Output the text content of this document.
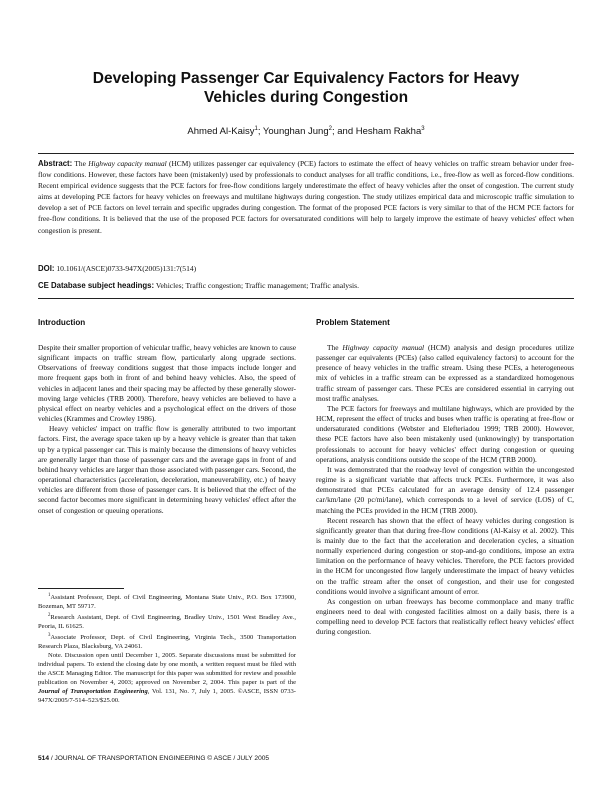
Developing Passenger Car Equivalency Factors for Heavy
Vehicles during Congestion
Ahmed Al-Kaisy$^1$; Younghan Jung$^2$; and Hesham Rakha$^3$
Abstract: The Highway capacity manual (HCM) utilizes passenger car equivalency (PCE) factors to estimate the effect of heavy vehicles on traffic stream behavior under free-flow conditions. However, these factors have been (mistakenly) used by professionals to conduct analyses for all traffic conditions, i.e., free-flow as well as forced-flow conditions. Recent empirical evidence suggests that the PCE factors for free-flow conditions largely underestimate the effect of heavy vehicles after the onset of congestion. The current study aims at developing PCE factors for heavy vehicles on freeways and multilane highways during congestion. The study utilizes empirical data and microscopic traffic simulation to develop a set of PCE factors on level terrain and specific upgrades during congestion. The format of the proposed PCE factors is very similar to that of the HCM PCE factors for free-flow conditions. It is believed that the use of the proposed PCE factors for oversaturated conditions will help to largely improve the estimate of heavy vehicles' effect when congestion is present.
DOI: 10.1061/(ASCE)0733-947X(2005)131:7(514)
CE Database subject headings: Vehicles; Traffic congestion; Traffic management; Traffic analysis.
Introduction

Despite their smaller proportion of vehicular traffic, heavy vehicles are known to cause significant impacts on traffic stream flow, particularly along upgrade sections. Observations of freeway conditions suggest that those impacts include longer and more frequent gaps both in front of and behind heavy vehicles. Also, the speed of vehicles in adjacent lanes and their spacing may be affected by these generally slower-moving large vehicles (TRB 2000). Therefore, heavy vehicles are believed to have a physical effect on nearby vehicles and a psychological effect on the drivers of those vehicles (Krammes and Crowley 1986).

Heavy vehicles' impact on traffic flow is generally attributed to two important factors. First, the average space taken up by a heavy vehicle is greater than that taken up by a typical passenger car. This is mainly because the dimensions of heavy vehicles are generally larger than those of passenger cars and the average gaps in front of and behind heavy vehicles are larger than those associated with passenger cars. Second, the operational characteristics (acceleration, deceleration, maneuverability, etc.) of heavy vehicles are different from those of passenger cars. It is believed that the effect of the second factor becomes more significant in determining heavy vehicles' effect after the onset of congestion or queuing operations.

$^1$Assistant Professor, Dept. of Civil Engineering, Montana State Univ., P.O. Box 173900, Bozeman, MT 59717.

$^2$Research Assistant, Dept. of Civil Engineering, Bradley Univ., 1501 West Bradley Ave., Peoria, IL 61625.

$^3$Associate Professor, Dept. of Civil Engineering, Virginia Tech., 3500 Transportation Research Plaza, Blacksburg, VA 24061.

Note. Discussion open until December 1, 2005. Separate discussions must be submitted for individual papers. To extend the closing date by one month, a written request must be filed with the ASCE Managing Editor. The manuscript for this paper was submitted for review and possible publication on November 4, 2003; approved on November 2, 2004. This paper is part of the Journal of Transportation Engineering, Vol. 131, No. 7, July 1, 2005. ©ASCE, ISSN 0733-947X/2005/7-514–523/$25.00.

Problem Statement

The Highway capacity manual (HCM) analysis and design procedures utilize passenger car equivalents (PCEs) (also called equivalency factors) to account for the presence of heavy vehicles in the traffic stream. Using these PCEs, a heterogeneous mix of vehicles in a traffic stream can be expressed as a standardized homogenous traffic stream of passenger cars. These PCEs are considered essential in carrying out most traffic analyses.

The PCE factors for freeways and multilane highways, which are provided by the HCM, represent the effect of trucks and buses when traffic is operating at free-flow or undersaturated conditions (Webster and Elefteriadou 1999; TRB 2000). However, these PCE factors have also been mistakenly used (unknowingly) by transportation professionals to account for heavy vehicles' effect during congestion or queuing operations, analysis conditions outside the scope of the HCM (TRB 2000).

It was demonstrated that the roadway level of congestion within the uncongested regime is a significant variable that affects truck PCEs. Furthermore, it was also demonstrated that PCEs calculated for an average density of 12.4 passenger car/km/lane (20 pc/mi/lane), which corresponds to a level of service (LOS) of C, matching the PCEs provided in the HCM (TRB 2000).

Recent research has shown that the effect of heavy vehicles during congestion is significantly greater than that during free-flow conditions (Al-Kaisy et al. 2002). This is mainly due to the fact that the acceleration and deceleration cycles, a situation normally experienced during congestion or stop-and-go conditions, impose an extra limitation on the performance of heavy vehicles. Therefore, the PCE factors provided in the HCM for uncongested flow largely underestimate the impact of heavy vehicles on the traffic stream after the onset of congestion, and their use for congested conditions would involve a significant amount of error.

As congestion on urban freeways has become commonplace and many traffic engineers need to deal with congested facilities almost on a daily basis, there is a compelling need to develop PCE factors that realistically reflect heavy vehicles' effect during congestion.

514 / JOURNAL OF TRANSPORTATION ENGINEERING © ASCE / JULY 2005
